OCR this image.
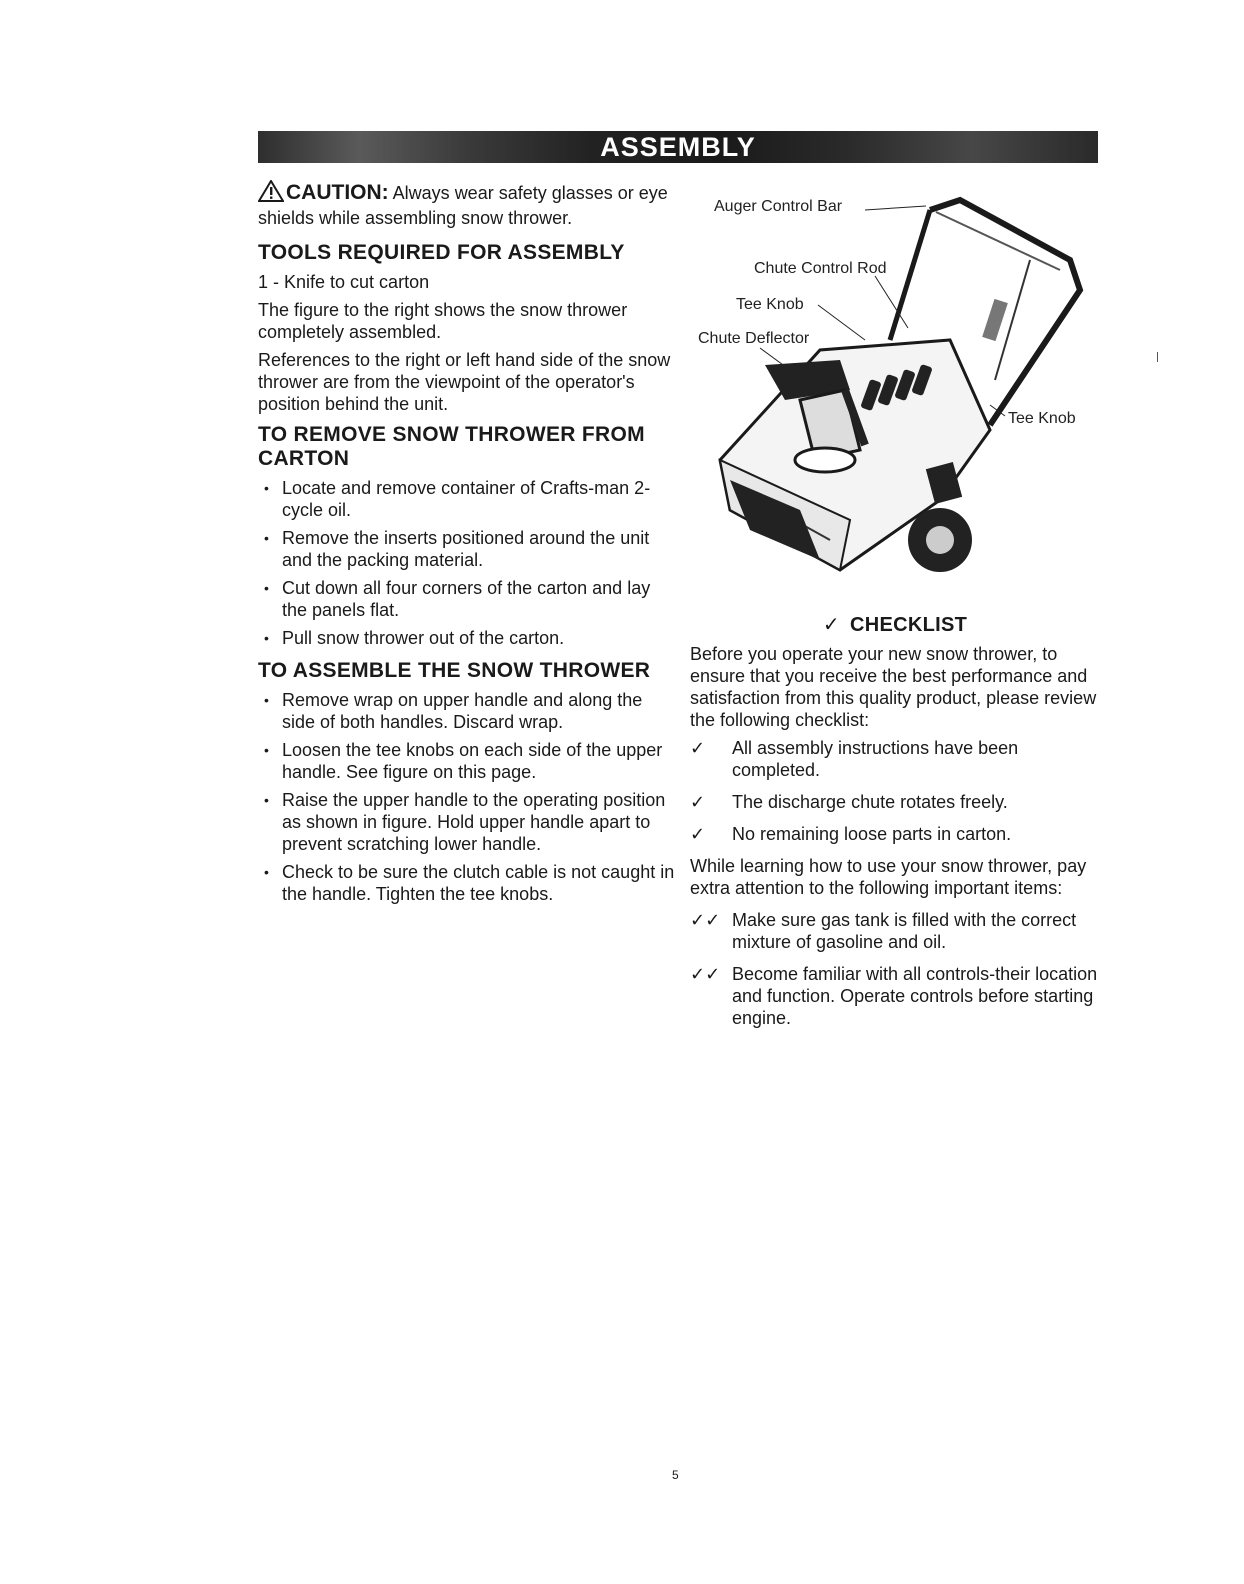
ASSEMBLY
CAUTION: Always wear safety glasses or eye shields while assembling snow thrower.
TOOLS REQUIRED FOR ASSEMBLY

1 - Knife to cut carton

The figure to the right shows the snow thrower completely assembled.

References to the right or left hand side of the snow thrower are from the viewpoint of the operator's position behind the unit.

TO REMOVE SNOW THROWER FROM CARTON
• Locate and remove container of Crafts-man 2-cycle oil.
• Remove the inserts positioned around the unit and the packing material.
• Cut down all four corners of the carton and lay the panels flat.
• Pull snow thrower out of the carton.
TO ASSEMBLE THE SNOW THROWER
• Remove wrap on upper handle and along the side of both handles. Discard wrap.
• Loosen the tee knobs on each side of the upper handle. See figure on this page.
• Raise the upper handle to the operating position as shown in figure. Hold upper handle apart to prevent scratching lower handle.
• Check to be sure the clutch cable is not caught in the handle. Tighten the tee knobs.
Auger Control Bar
Chute Control Rod
Tee Knob
Chute Deflector
Tee Knob
✓ CHECKLIST

Before you operate your new snow thrower, to ensure that you receive the best performance and satisfaction from this quality product, please review the following checklist:

✓ All assembly instructions have been completed.
✓ The discharge chute rotates freely.
✓ No remaining loose parts in carton.

While learning how to use your snow thrower, pay extra attention to the following important items:

✓✓ Make sure gas tank is filled with the correct mixture of gasoline and oil.
✓✓ Become familiar with all controls-their location and function. Operate controls before starting engine.
5
